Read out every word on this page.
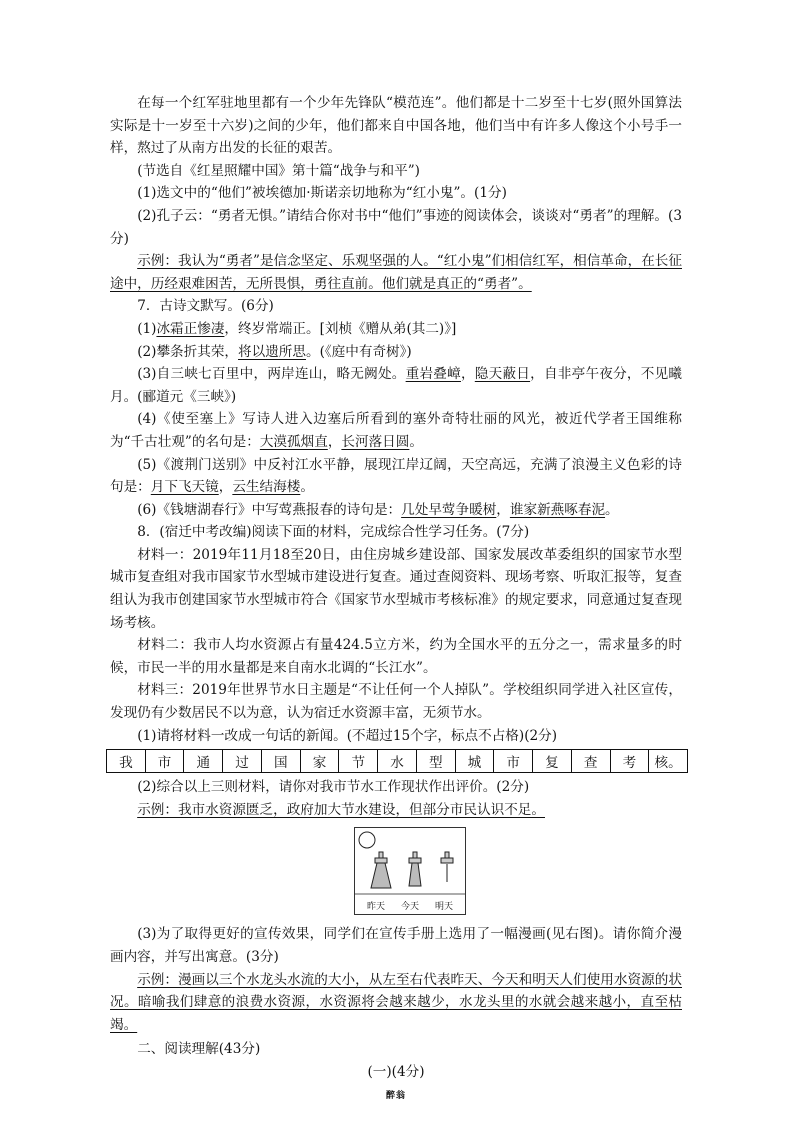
在每一个红军驻地里都有一个少年先锋队“模范连”。他们都是十二岁至十七岁(照外国算法实际是十一岁至十六岁)之间的少年，他们都来自中国各地，他们当中有许多人像这个小号手一样，熬过了从南方出发的长征的艰苦。

(节选自《红星照耀中国》第十篇“战争与和平”)

(1)选文中的“他们”被埃德加·斯诺亲切地称为“红小鬼”。(1分)

(2)孔子云：“勇者无惧。”请结合你对书中“他们”事迹的阅读体会，谈谈对“勇者”的理解。(3分)

示例：我认为“勇者”是信念坚定、乐观坚强的人。“红小鬼”们相信红军，相信革命，在长征途中，历经艰难困苦，无所畏惧，勇往直前。他们就是真正的“勇者”。

7．古诗文默写。(6分)

(1)冰霜正惨凄，终岁常端正。[刘桢《赠从弟(其二)》]

(2)攀条折其荣，将以遗所思。(《庭中有奇树》)

(3)自三峡七百里中，两岸连山，略无阙处。重岩叠嶂，隐天蔽日，自非亭午夜分，不见曦月。(郦道元《三峡》)

(4)《使至塞上》写诗人进入边塞后所看到的塞外奇特壮丽的风光，被近代学者王国维称为“千古壮观”的名句是：大漠孤烟直，长河落日圆。

(5)《渡荆门送别》中反衬江水平静，展现江岸辽阔，天空高远，充满了浪漫主义色彩的诗句是：月下飞天镜，云生结海楼。

(6)《钱塘湖春行》中写莺燕报春的诗句是：几处早莺争暖树，谁家新燕啄春泥。

8．(宿迁中考改编)阅读下面的材料，完成综合性学习任务。(7分)

材料一：2019年11月18至20日，由住房城乡建设部、国家发展改革委组织的国家节水型城市复查组对我市国家节水型城市建设进行复查。通过查阅资料、现场考察、听取汇报等，复查组认为我市创建国家节水型城市符合《国家节水型城市考核标准》的规定要求，同意通过复查现场考核。

材料二：我市人均水资源占有量424.5立方米，约为全国水平的五分之一，需求量多的时候，市民一半的用水量都是来自南水北调的“长江水”。

材料三：2019年世界节水日主题是“不让任何一个人掉队”。学校组织同学进入社区宣传，发现仍有少数居民不以为意，认为宿迁水资源丰富，无须节水。

(1)请将材料一改成一句话的新闻。(不超过15个字，标点不占格)(2分)

我	市	通	过	国	家	节	水	型	城	市	复	查	考	核。

(2)综合以上三则材料，请你对我市节水工作现状作出评价。(2分)

示例：我市水资源匮乏，政府加大节水建设，但部分市民认识不足。

昨天 今天 明天

(3)为了取得更好的宣传效果，同学们在宣传手册上选用了一幅漫画(见右图)。请你简介漫画内容，并写出寓意。(3分)

示例：漫画以三个水龙头水流的大小，从左至右代表昨天、今天和明天人们使用水资源的状况。暗喻我们肆意的浪费水资源，水资源将会越来越少，水龙头里的水就会越来越小，直至枯竭。

二、阅读理解(43分)

(一)(4分)

醉翁
